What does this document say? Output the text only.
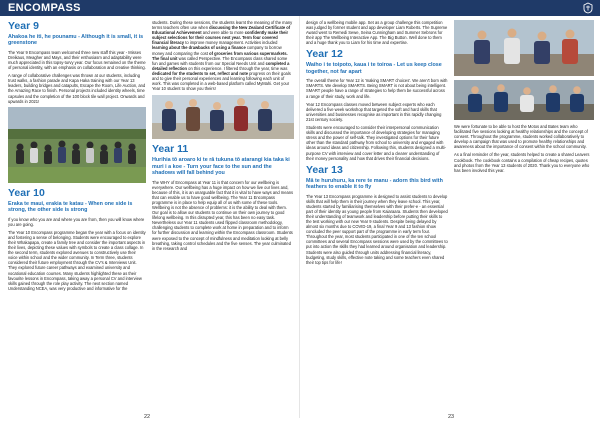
ENCOMPASS
Year 9
Ahakoa he iti, he pounamu - Although it is small, it is greenstone

The Year 9 Encompass team welcomed three new staff this year - Misses Dreikaus, Meagher and Mays, and their enthusiasm and adaptability were much appreciated in this topsy-turvy year. Our focus remained on the theme of personal identity, with an emphasis on collaboration and creative thinking.

A range of collaborative challenges was thrown at our students, including trust walks, a fashion parade and Kapa Haka training with our Year 13 leaders, building bridges and catapults, Escape the Room, Life Auction, and the Amazing Race to finish. Personal projects included identity wheels, time capsules and the completion of the 100 block tile wall project. Onwards and upwards in 2021!

Year 10
Eraka te maui, erakia te katau - When one side is strong, the other side is strong

If you know who you are and where you are from, then you will know where you are going.

The Year 10 Encompass programme began the year with a focus on identity and fostering a sense of belonging. Students were encouraged to explore their Whakapapa, create a family tree and consider the important aspects in their lives, depicting these values with symbols to create a class collage. In the second term, students explored avenues to constructively use their voice within school and the wider community. In Term three, students considered their future employment through the CV's & Interviews Unit. They explored future career pathways and examined university and vocational education courses. Many students highlighted these as their favourite lessons in Encompass, taking away a personal CV and interview skills gained through the role play activity. The next section named Understanding NCEA, was very productive and informative for the

students. During these sessions, the students learnt the meaning of the many terms teachers often use when discussing the New Zealand Certificate of Educational Achievement and were able to more confidently make their subject selections for their courses next year. Term four covered financial literacy to improve money management. Activities included learning about the drawbacks of using a finance company to borrow money and comparing the cost of groceries from various supermarkets. The final unit was called Perspective. The Encompass class shared some fun and games with students from our Special Needs Unit and completed a detailed reflection on this experience. I filtered through the year, time was dedicated for the students to set, reflect and note progress on their goals and to give their personal experiences and learning following each unit of work. This was completed in a web-based platform called MyMahi. Get your Year 10 student to show you theirs!

Year 11
Hurihia tō aroaro ki te rā tukuna tō atarangi kia taka ki muri i a koe - Turn your face to the sun and the shadows will fall behind you

The WHY of Encompass at Year 11 is that concern for our wellbeing is everywhere. Our wellbeing has a huge impact on how we live our lives and, because of this, it is an unarguable fact that it is vital to have ways and means that can enable us to have good wellbeing. The Year 11 Encompass programme is in place to help equip all of us with some of these tools. Wellbeing is not the absence of problems: it is the ability to deal with them. Our goal is to allow our students to continue on their own journey to good lifelong wellbeing. In this disrupted year, this has been no easy task. Nevertheless our Year 11 students used flipped classroom methodology, challenging students to complete work at home in preparation and to inform for further discussion and learning within the Encompass classroom. Students were exposed to the concept of mindfulness and meditation looking at belly breathing, taking control schedules and the five senses. The year culminated in the research and

design of a wellbeing mobile app. Set as a group challenge this competition was judged by former student and app developer Liam Roberts. The Supreme Award went to Remedi Sewe, Seina Cunningham and Summer Sebrons for their app The Wellbeing Interactive App. The Big Button. Well done to them and a huge thank you to Liam for his time and expertise.

Year 12
Waiho i te toipoto, kaua i te toiroa - Let us keep close together, not far apart

The overall theme for Year 12 is 'making SMART choices'. We aren't born with SMARTS. We develop SMARTS. Being SMART is not about being intelligent. SMART people have a range of strategies to help them be successful across a range of their study, work and life.

Year 12 Encompass classes moved between subject experts who each delivered a five week workshop that targeted the soft and hard skills that universities and businesses recognise as important in this rapidly changing 21st century society.

Students were encouraged to consider their interpersonal communication skills and discussed the importance of developing strategies for managing stress and the power of self-talk. They investigated options for their future other than the standard pathway from school to university and engaged with ideas around ideas and citizenship. Following this, students designed a multi-purpose CV with interview and cover letter and a clearer understanding of their money personality and how that drives their financial decisions.

Year 13
Mā te huruhuru, ka rere te manu - adorn this bird with feathers to enable it to fly

The Year 13 Encompass programme is designed to assist students to develop skills that will help them in their journey when they leave school. This year, students started by familiarising themselves with their prefer-e - an essential part of their identity as young people from Kaiaraara. Students then developed their understanding of teamwork and leadership before putting their skills to the test working with our new Year 9 students. Despite being delayed by almost six months due to COVID-19, a final Year 9 and 13 fashion show concluded the peer support part of the programme in early term four. Throughout the year, most students participated in one of the ten school committees and several Encompass sessions were used by the committees to put into action the skills they had learned around organisation and leadership. Students were also guided through units addressing financial literacy, budgeting, study skills, effective note taking and some teachers even shared their top tips for life!

We were fortunate to be able to host the Motos and Bates team who facilitated five sessions looking at healthy relationships and the concept of consent. Throughout the programme, students worked collaboratively to develop a campaign that was used to promote healthy relationships and awareness about the importance of consent within the school community.

As a final reminder of the year, students helped to create a shared Leavers Cookbook. The cookbook contains a compilation of cheap recipes, quotes and photos from the Year 13 students of 2020. Thank you to everyone who has been involved this year.

22	23
